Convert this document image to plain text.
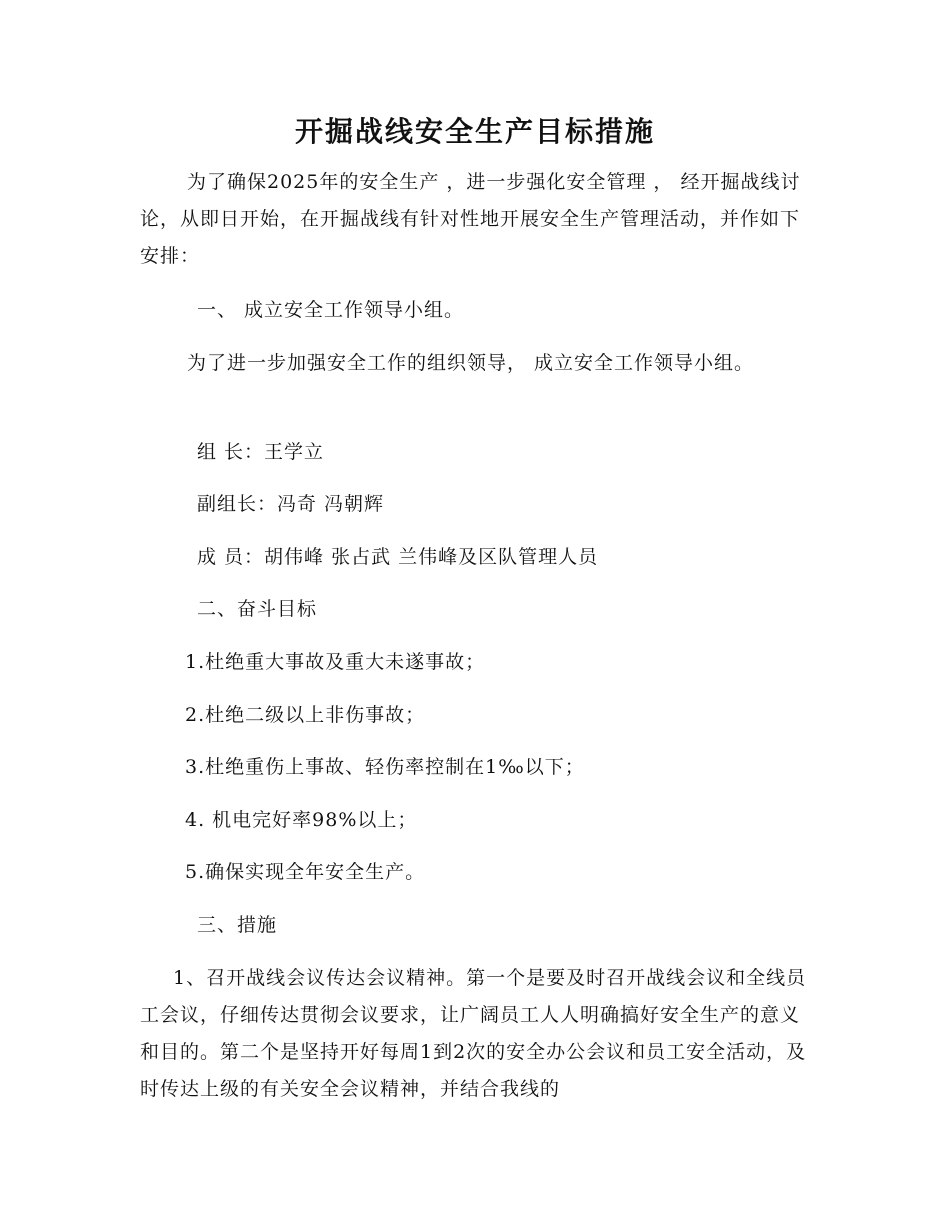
开掘战线安全生产目标措施

为了确保2025年的安全生产 ，进一步强化安全管理 ， 经开掘战线讨论，从即日开始，在开掘战线有针对性地开展安全生产管理活动，并作如下安排：

一、 成立安全工作领导小组。

为了进一步加强安全工作的组织领导， 成立安全工作领导小组。

组 长：王学立
副组长：冯奇 冯朝辉
成 员：胡伟峰 张占武 兰伟峰及区队管理人员
二、奋斗目标
1.杜绝重大事故及重大未遂事故；
2.杜绝二级以上非伤事故；
3.杜绝重伤上事故、轻伤率控制在1‰以下；
4. 机电完好率98%以上；
5.确保实现全年安全生产。
三、措施

1、召开战线会议传达会议精神。第一个是要及时召开战线会议和全线员工会议，仔细传达贯彻会议要求，让广阔员工人人明确搞好安全生产的意义和目的。第二个是坚持开好每周1到2次的安全办公会议和员工安全活动，及时传达上级的有关安全会议精神，并结合我线的
